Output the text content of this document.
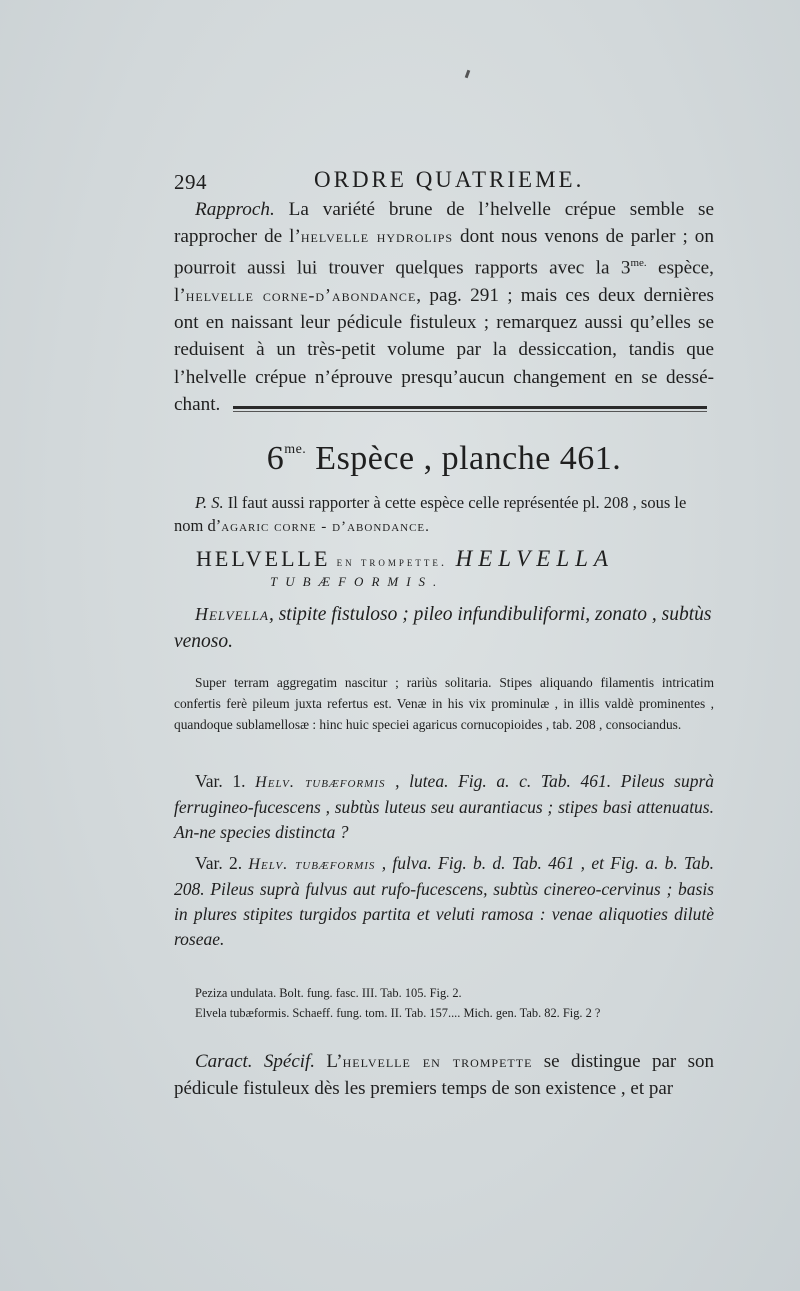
294	ORDRE QUATRIEME.
Rapproch. La variété brune de l’helvelle crépue semble se rapprocher de l’helvelle hydrolips dont nous venons de parler ; on pourroit aussi lui trouver quelques rapports avec la $3^{me.}$ espèce, l’helvelle corne-d’abondance, pag. 291 ; mais ces deux dernières ont en naissant leur pédicule fistuleux ; remarquez aussi qu’elles se reduisent à un très-petit volume par la dessiccation, tandis que l’helvelle crépue n’éprouve presqu’aucun changement en se dessé-chant.
$6^{me.}$ Espèce , planche 461.
P. S. Il faut aussi rapporter à cette espèce celle représentée pl. 208 , sous le nom d’agaric corne - d’abondance.
HELVELLE en trompette. HELVELLA
TUBÆFORMIS.
Helvella, stipite fistuloso ; pileo infundibuliformi, zonato , subtùs venoso.
Super terram aggregatim nascitur ; rariùs solitaria. Stipes aliquando filamentis intricatim confertis ferè pileum juxta refertus est. Venæ in his vix prominulæ , in illis valdè prominentes , quandoque sublamellosæ : hinc huic speciei agaricus cornucopioides , tab. 208 , consociandus.
Var. 1. Helv. tubæformis , lutea. Fig. a. c. Tab. 461. Pileus suprà ferrugineo-fucescens , subtùs luteus seu aurantiacus ; stipes basi attenuatus. An-ne species distincta ?
Var. 2. Helv. tubæformis , fulva. Fig. b. d. Tab. 461 , et Fig. a. b. Tab. 208. Pileus suprà fulvus aut rufo-fucescens, subtùs cinereo-cervinus ; basis in plures stipites turgidos partita et veluti ramosa : venae aliquoties dilutè roseae.
Peziza undulata. Bolt. fung. fasc. III. Tab. 105. Fig. 2.
Elvela tubæformis. Schaeff. fung. tom. II. Tab. 157.... Mich. gen. Tab. 82. Fig. 2 ?
Caract. Spécif. L’helvelle en trompette se distingue par son pédicule fistuleux dès les premiers temps de son existence , et par
